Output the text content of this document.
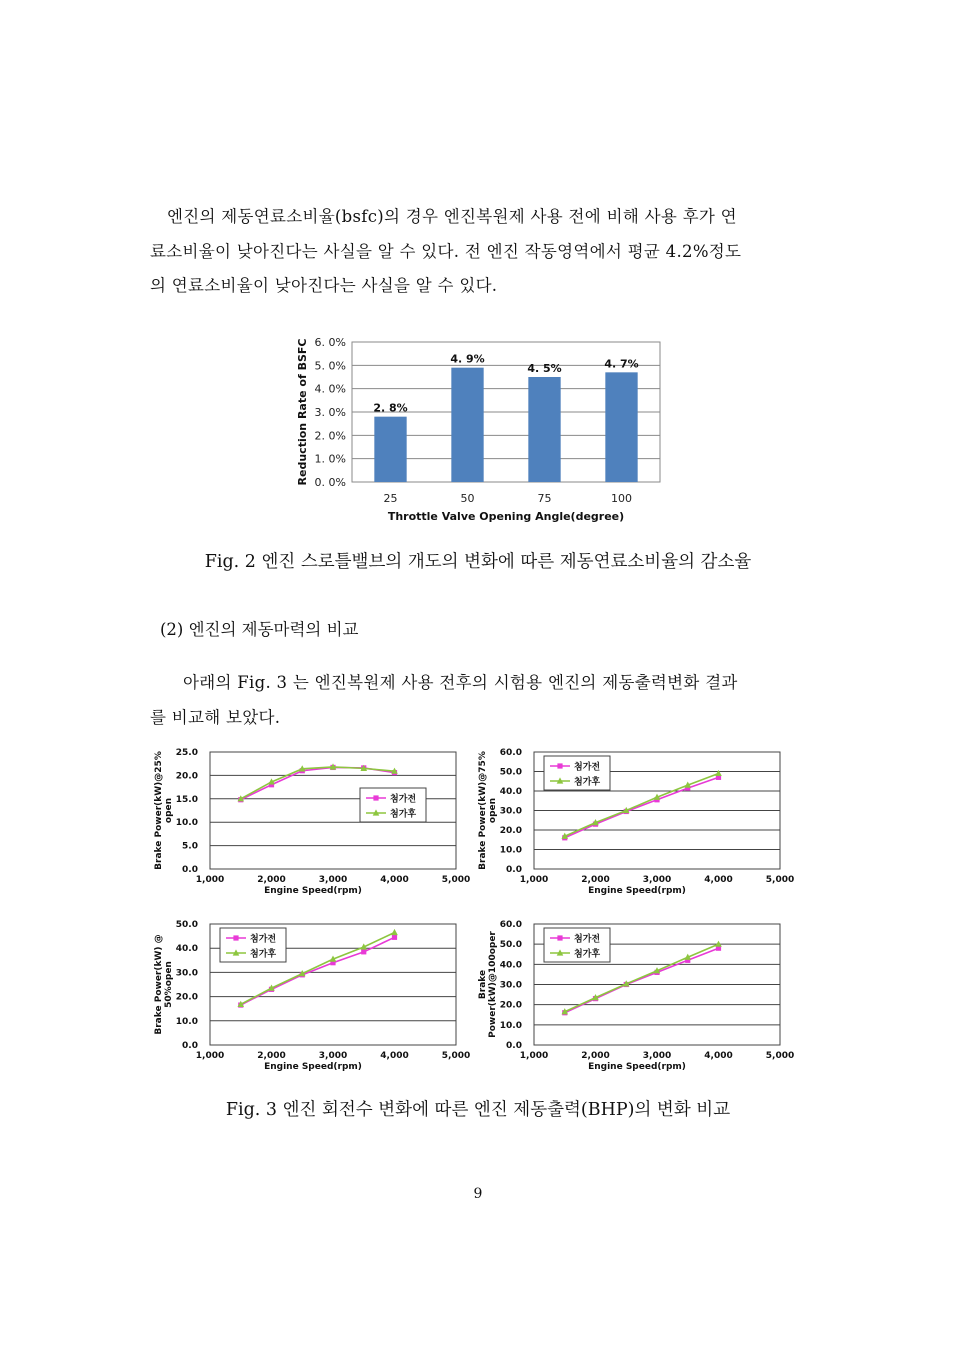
엔진의 제동연료소비율(bsfc)의 경우 엔진복원제 사용 전에 비해 사용 후가 연
료소비율이 낮아진다는 사실을 알 수 있다. 전 엔진 작동영역에서 평균 4.2%정도
의 연료소비율이 낮아진다는 사실을 알 수 있다.
0. 0%
1. 0%
2. 0%
3. 0%
4. 0%
5. 0%
6. 0%
2. 8%
25
4. 9%
50
4. 5%
75
4. 7%
100
Throttle Valve Opening Angle(degree)
Reduction Rate of BSFC
Fig. 2 엔진 스로틀밸브의 개도의 변화에 따른 제동연료소비율의 감소율
(2) 엔진의 제동마력의 비교
아래의 Fig. 3 는 엔진복원제 사용 전후의 시험용 엔진의 제동출력변화 결과
를 비교해 보았다.
0.0
5.0
10.0
15.0
20.0
25.0
1,000	2,000	3,000	4,000	5,000
Engine Speed(rpm)
Brake Power(kW)@25% open	첨가전
첨가후
0.0
10.0
20.0
30.0
40.0
50.0
60.0
1,000	2,000	3,000	4,000	5,000
Engine Speed(rpm)
Brake Power(kW)@75% open
첨가전
첨가후
0.0
10.0
20.0
30.0
40.0
50.0
1,000	2,000	3,000	4,000	5,000
Engine Speed(rpm)
Brake Power(kW) @ 50%open
첨가전
첨가후
0.0
10.0
20.0
30.0
40.0
50.0
60.0
1,000	2,000	3,000	4,000	5,000
Engine Speed(rpm)
Brake Power(kW)@100oper	첨가전
첨가후
Fig. 3 엔진 회전수 변화에 따른 엔진 제동출력(BHP)의 변화 비교
9
